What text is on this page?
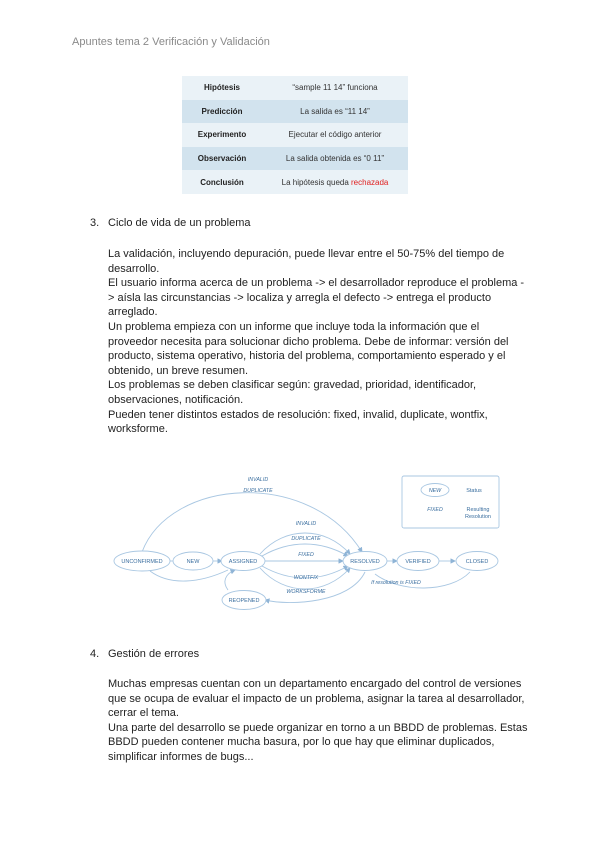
Apuntes tema 2 Verificación y Validación
Hipótesis	“sample 11 14” funciona
Predicción	La salida es “11 14”
Experimento	Ejecutar el código anterior
Observación	La salida obtenida es “0 11”
Conclusión	La hipótesis queda rechazada
3. Ciclo de vida de un problema

La validación, incluyendo depuración, puede llevar entre el 50-75% del tiempo de desarrollo.

El usuario informa acerca de un problema -> el desarrollador reproduce el problema -> aísla las circunstancias -> localiza y arregla el defecto -> entrega el producto arreglado.

Un problema empieza con un informe que incluye toda la información que el proveedor necesita para solucionar dicho problema. Debe de informar: versión del producto, sistema operativo, historia del problema, comportamiento esperado y el obtenido, un breve resumen.

Los problemas se deben clasificar según: gravedad, prioridad, identificador, observaciones, notificación.

Pueden tener distintos estados de resolución: fixed, invalid, duplicate, wontfix, worksforme.

UNCONFIRMED	NEW	ASSIGNED	RESOLVED	VERIFIED	CLOSED
REOPENED
INVALID
DUPLICATE
INVALID
DUPLICATE
FIXED
WONTFIX
WORKSFORME
If resolution is FIXED
NEW	Status
FIXED	Resulting
Resolution
4. Gestión de errores

Muchas empresas cuentan con un departamento encargado del control de versiones que se ocupa de evaluar el impacto de un problema, asignar la tarea al desarrollador, cerrar el tema.

Una parte del desarrollo se puede organizar en torno a un BBDD de problemas. Estas BBDD pueden contener mucha basura, por lo que hay que eliminar duplicados, simplificar informes de bugs...
